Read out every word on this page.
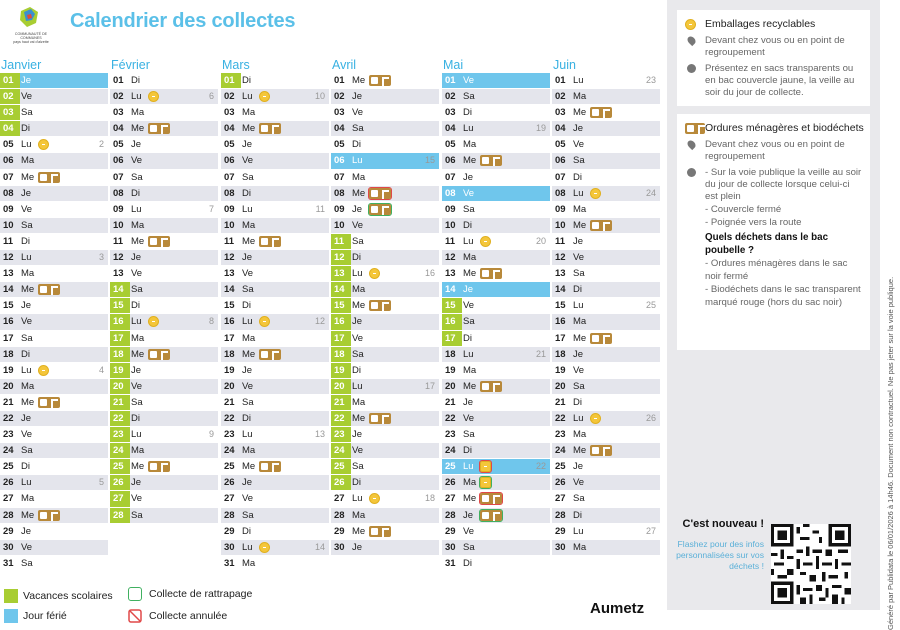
COMMUNAUTÉ DE COMMUNES
pays haut val d'alzette
Calendrier des collectes
Janvier
01 Je
02 Ve
03 Sa
04 Di
05 Lu	2
06 Ma
07 Me
08 Je
09 Ve
10 Sa
11 Di
12 Lu	3
13 Ma
14 Me
15 Je
16 Ve
17 Sa
18 Di
19 Lu	4
20 Ma
21 Me
22 Je
23 Ve
24 Sa
25 Di
26 Lu	5
27 Ma
28 Me
29 Je
30 Ve
31 Sa
Février
01 Di
02 Lu	6
03 Ma
04 Me
05 Je
06 Ve
07 Sa
08 Di
09 Lu	7
10 Ma
11 Me
12 Je
13 Ve
14 Sa
15 Di
16 Lu	8
17 Ma
18 Me
19 Je
20 Ve
21 Sa
22 Di
23 Lu	9
24 Ma
25 Me
26 Je
27 Ve
28 Sa
Mars
01 Di
02 Lu	10
03 Ma
04 Me
05 Je
06 Ve
07 Sa
08 Di
09 Lu	11
10 Ma
11 Me
12 Je
13 Ve
14 Sa
15 Di
16 Lu	12
17 Ma
18 Me
19 Je
20 Ve
21 Sa
22 Di
23 Lu	13
24 Ma
25 Me
26 Je
27 Ve
28 Sa
29 Di
30 Lu	14
31 Ma
Avril
01 Me
02 Je
03 Ve
04 Sa
05 Di
06 Lu	15
07 Ma
08 Me
09 Je
10 Ve
11 Sa
12 Di
13 Lu	16
14 Ma
15 Me
16 Je
17 Ve
18 Sa
19 Di
20 Lu	17
21 Ma
22 Me
23 Je
24 Ve
25 Sa
26 Di
27 Lu	18
28 Ma
29 Me
30 Je
Mai
01 Ve
02 Sa
03 Di
04 Lu	19
05 Ma
06 Me
07 Je
08 Ve
09 Sa
10 Di
11 Lu	20
12 Ma
13 Me
14 Je
15 Ve
16 Sa
17 Di
18 Lu	21
19 Ma
20 Me
21 Je
22 Ve
23 Sa
24 Di
25 Lu	22
26 Ma
27 Me
28 Je
29 Ve
30 Sa
31 Di
Juin
01 Lu	23
02 Ma
03 Me
04 Je
05 Ve
06 Sa
07 Di
08 Lu	24
09 Ma
10 Me
11 Je
12 Ve
13 Sa
14 Di
15 Lu	25
16 Ma
17 Me
18 Je
19 Ve
20 Sa
21 Di
22 Lu	26
23 Ma
24 Me
25 Je
26 Ve
27 Sa
28 Di
29 Lu	27
30 Ma
Vacances scolaires
Jour férié
Collecte de rattrapage
Collecte annulée	Aumetz
Emballages recyclables
Devant chez vous ou en point de regroupement
Présentez en sacs transparents ou en bac couvercle jaune, la veille au soir du jour de collecte.
Ordures ménagères et biodéchets
Devant chez vous ou en point de regroupement
- Sur la voie publique la veille au soir du jour de collecte lorsque celui-ci est plein
- Couvercle fermé
- Poignée vers la route
Quels déchets dans le bac poubelle ?
- Ordures ménagères dans le sac noir fermé
- Biodéchets dans le sac transparent marqué rouge (hors du sac noir)
C'est nouveau !
Flashez pour des infos personnalisées sur vos déchets !	Généré par Publidata le 06/01/2026 à 14h46. Document non contractuel. Ne pas jeter sur la voie publique.
